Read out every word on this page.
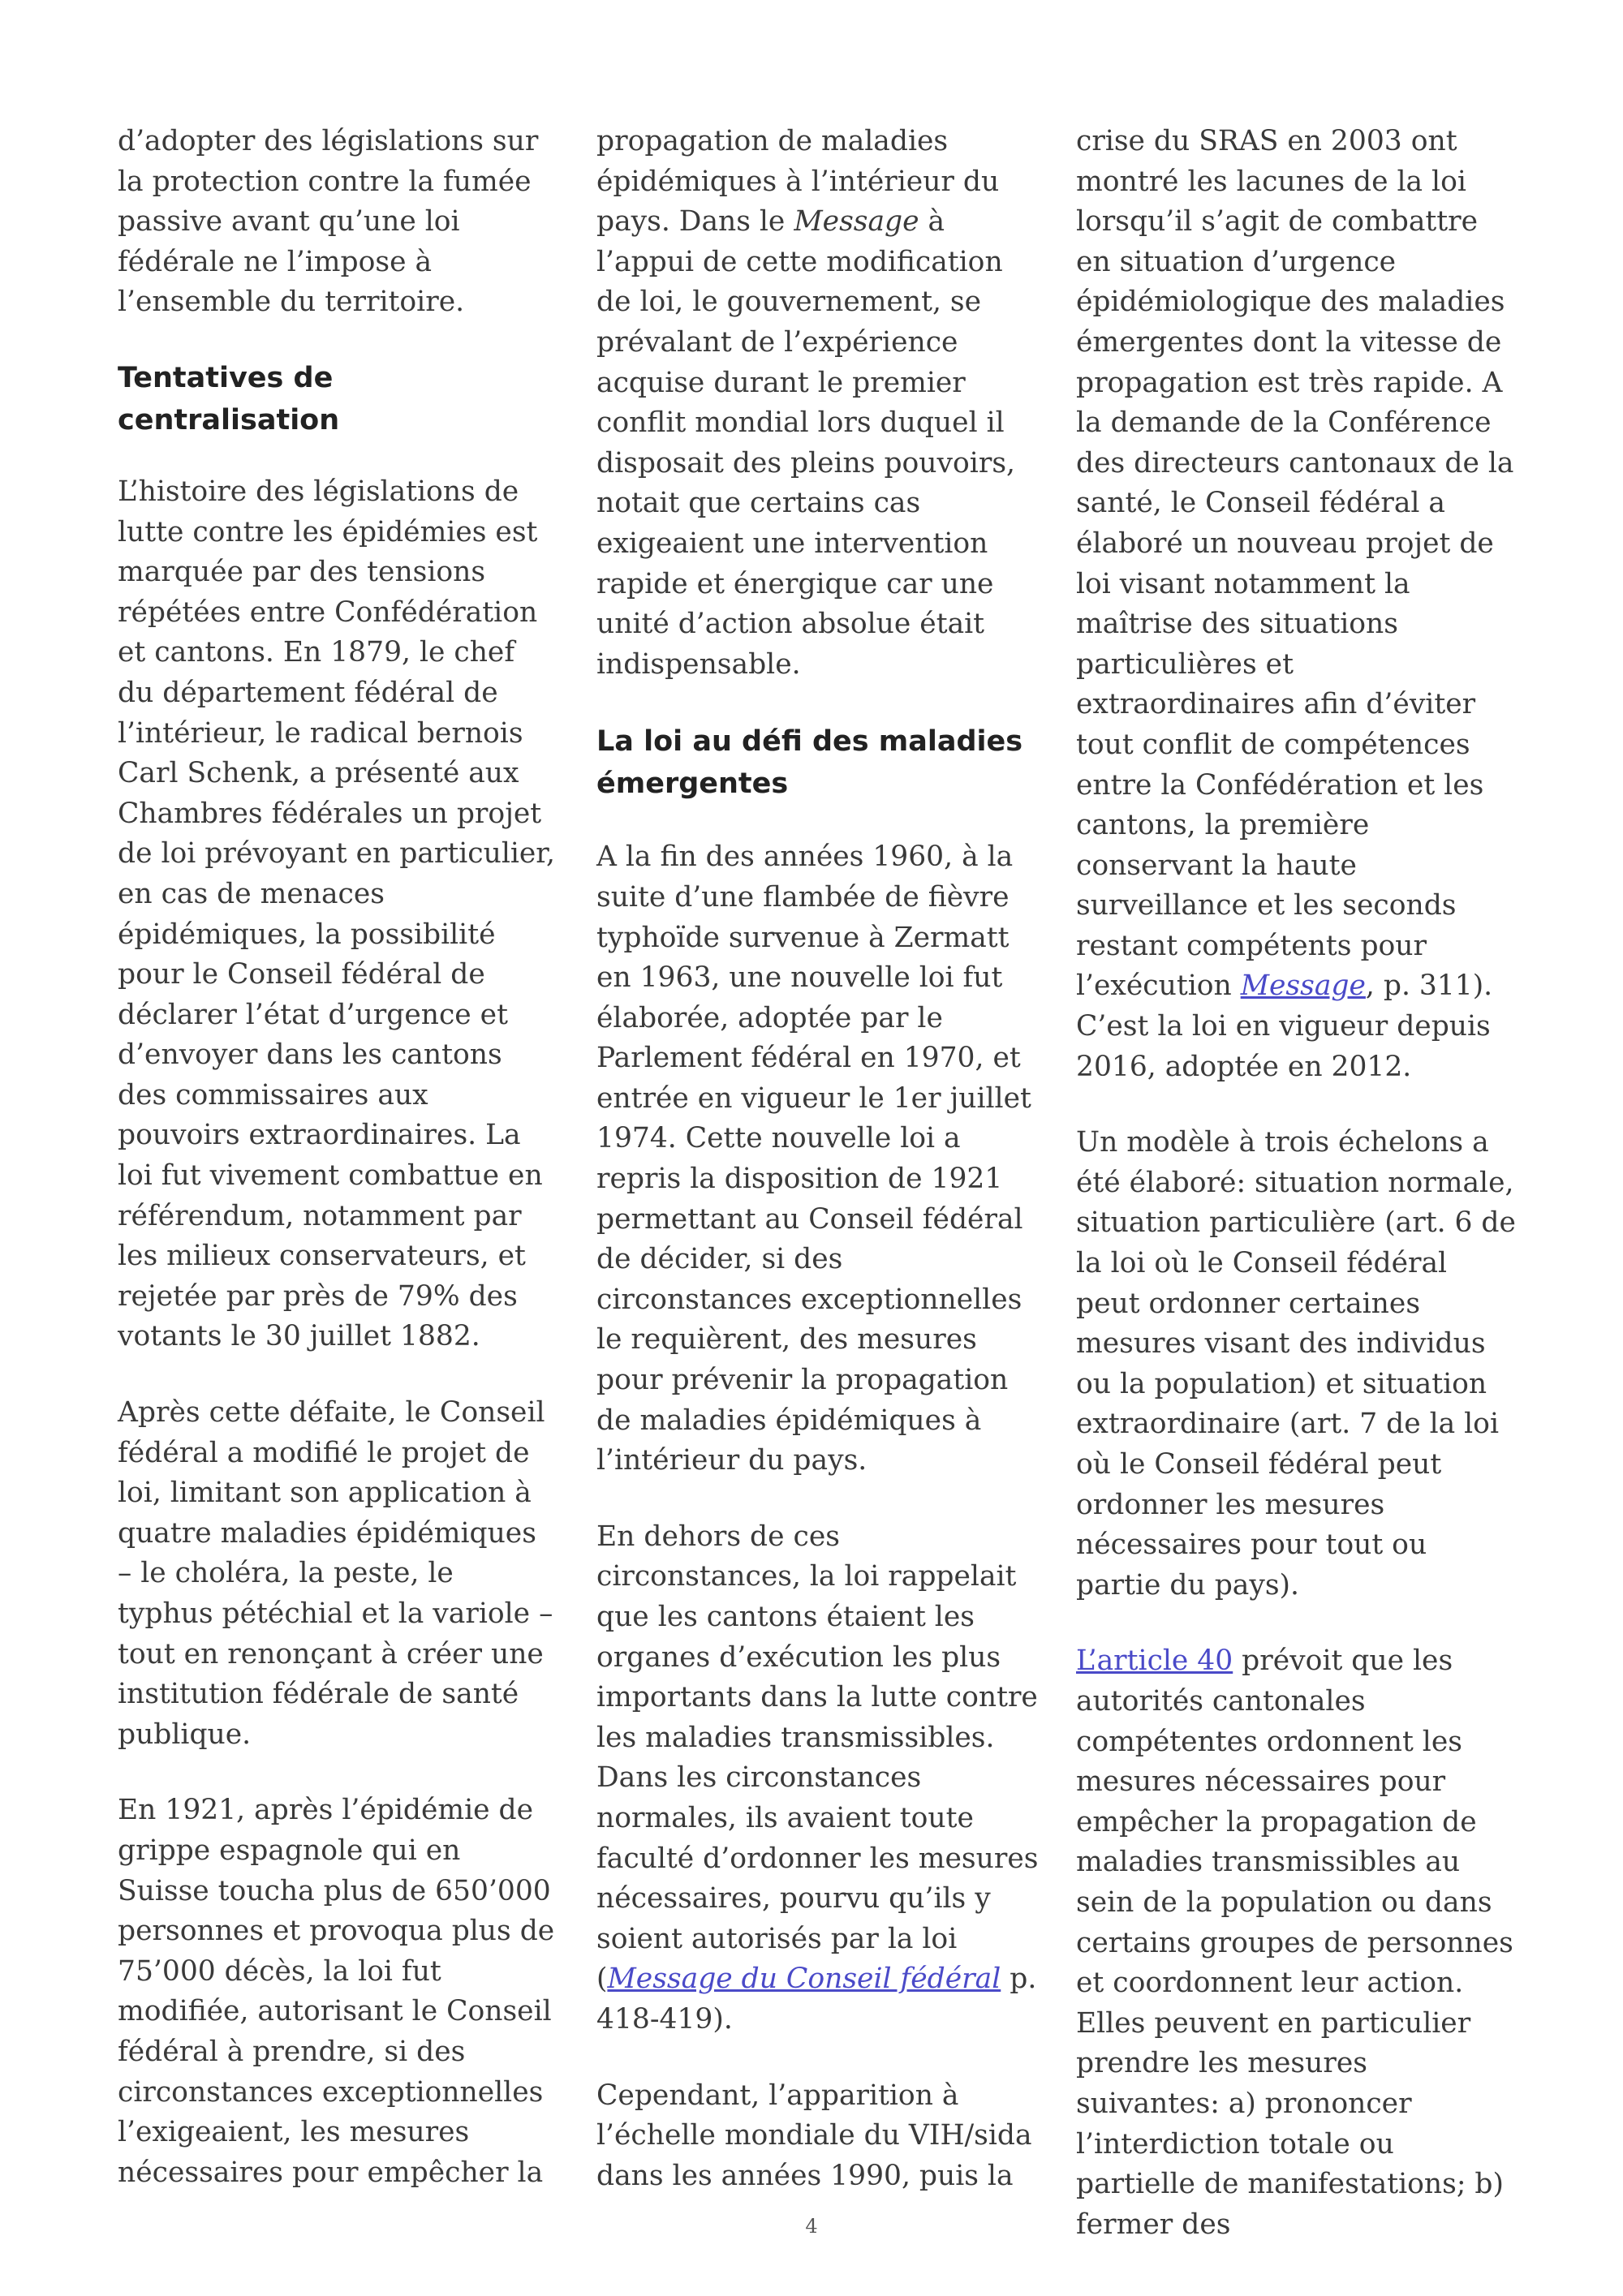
d’adopter des législations sur la protection contre la fumée passive avant qu’une loi fédérale ne l’impose à l’ensemble du territoire.

Tentatives de centralisation

L’histoire des législations de lutte contre les épidémies est marquée par des tensions répétées entre Confédération et cantons. En 1879, le chef du département fédéral de l’intérieur, le radical bernois Carl Schenk, a présenté aux Chambres fédérales un projet de loi prévoyant en particulier, en cas de menaces épidémiques, la possibilité pour le Conseil fédéral de déclarer l’état d’urgence et d’envoyer dans les cantons des commissaires aux pouvoirs extraordinaires. La loi fut vivement combattue en référendum, notamment par les milieux conservateurs, et rejetée par près de 79% des votants le 30 juillet 1882.

Après cette défaite, le Conseil fédéral a modifié le projet de loi, limitant son application à quatre maladies épidémiques – le choléra, la peste, le typhus pétéchial et la variole – tout en renonçant à créer une institution fédérale de santé publique.

En 1921, après l’épidémie de grippe espagnole qui en Suisse toucha plus de 650’000 personnes et provoqua plus de 75’000 décès, la loi fut modifiée, autorisant le Conseil fédéral à prendre, si des circonstances exceptionnelles l’exigeaient, les mesures nécessaires pour empêcher la

propagation de maladies épidémiques à l’intérieur du pays. Dans le Message à l’appui de cette modification de loi, le gouvernement, se prévalant de l’expérience acquise durant le premier conflit mondial lors duquel il disposait des pleins pouvoirs, notait que certains cas exigeaient une intervention rapide et énergique car une unité d’action absolue était indispensable.

La loi au défi des maladies émergentes

A la fin des années 1960, à la suite d’une flambée de fièvre typhoïde survenue à Zermatt en 1963, une nouvelle loi fut élaborée, adoptée par le Parlement fédéral en 1970, et entrée en vigueur le 1er juillet 1974. Cette nouvelle loi a repris la disposition de 1921 permettant au Conseil fédéral de décider, si des circonstances exceptionnelles le requièrent, des mesures pour prévenir la propagation de maladies épidémiques à l’intérieur du pays.

En dehors de ces circonstances, la loi rappelait que les cantons étaient les organes d’exécution les plus importants dans la lutte contre les maladies transmissibles. Dans les circonstances normales, ils avaient toute faculté d’ordonner les mesures nécessaires, pourvu qu’ils y soient autorisés par la loi (Message du Conseil fédéral p. 418-419).

Cependant, l’apparition à l’échelle mondiale du VIH/sida dans les années 1990, puis la

crise du SRAS en 2003 ont montré les lacunes de la loi lorsqu’il s’agit de combattre en situation d’urgence épidémiologique des maladies émergentes dont la vitesse de propagation est très rapide. A la demande de la Conférence des directeurs cantonaux de la santé, le Conseil fédéral a élaboré un nouveau projet de loi visant notamment la maîtrise des situations particulières et extraordinaires afin d’éviter tout conflit de compétences entre la Confédération et les cantons, la première conservant la haute surveillance et les seconds restant compétents pour l’exécution Message, p. 311). C’est la loi en vigueur depuis 2016, adoptée en 2012.

Un modèle à trois échelons a été élaboré: situation normale, situation particulière (art. 6 de la loi où le Conseil fédéral peut ordonner certaines mesures visant des individus ou la population) et situation extraordinaire (art. 7 de la loi où le Conseil fédéral peut ordonner les mesures nécessaires pour tout ou partie du pays).

L’article 40 prévoit que les autorités cantonales compétentes ordonnent les mesures nécessaires pour empêcher la propagation de maladies transmissibles au sein de la population ou dans certains groupes de personnes et coordonnent leur action. Elles peuvent en particulier prendre les mesures suivantes: a) prononcer l’interdiction totale ou partielle de manifestations; b) fermer des

4
